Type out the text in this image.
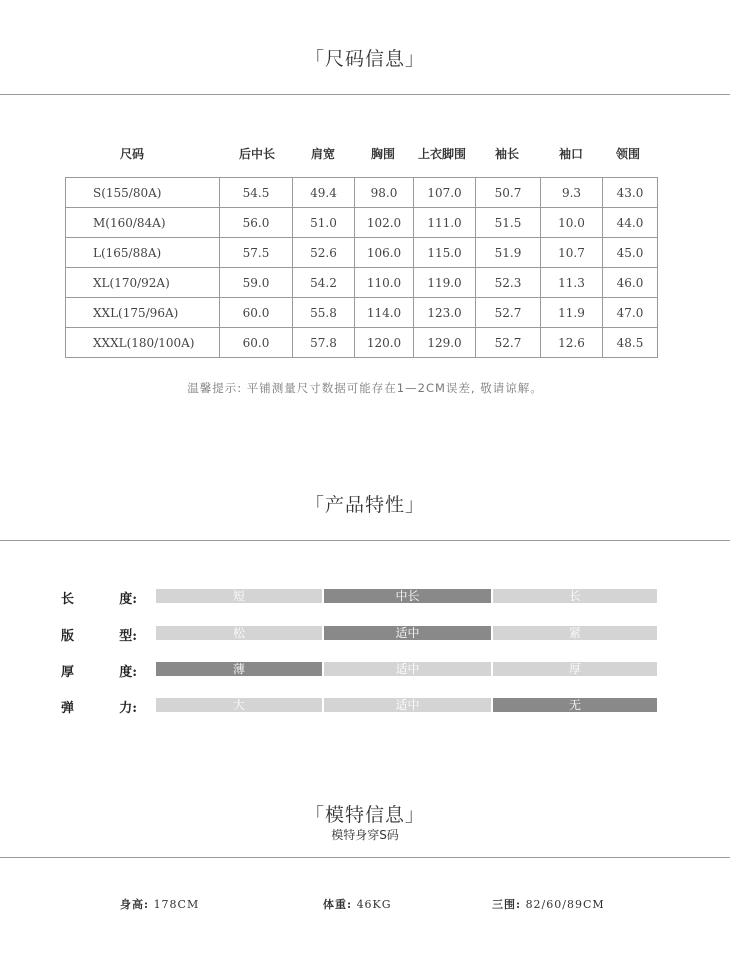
「尺码信息」
尺码	后中长	肩宽	胸围	上衣脚围	袖长	袖口	领围
S(155/80A)	54.5	49.4	98.0	107.0	50.7	9.3	43.0
M(160/84A)	56.0	51.0	102.0	111.0	51.5	10.0	44.0
L(165/88A)	57.5	52.6	106.0	115.0	51.9	10.7	45.0
XL(170/92A)	59.0	54.2	110.0	119.0	52.3	11.3	46.0
XXL(175/96A)	60.0	55.8	114.0	123.0	52.7	11.9	47.0
XXXL(180/100A)	60.0	57.8	120.0	129.0	52.7	12.6	48.5
温馨提示: 平铺测量尺寸数据可能存在1—2CM误差, 敬请谅解。
「产品特性」
长	度:	短	中长	长
版	型:	松	适中	紧
厚	度:	薄	适中	厚
弹	力:	大	适中	无
「模特信息」
模特身穿S码
身高: 178CM	体重: 46KG	三围: 82/60/89CM
